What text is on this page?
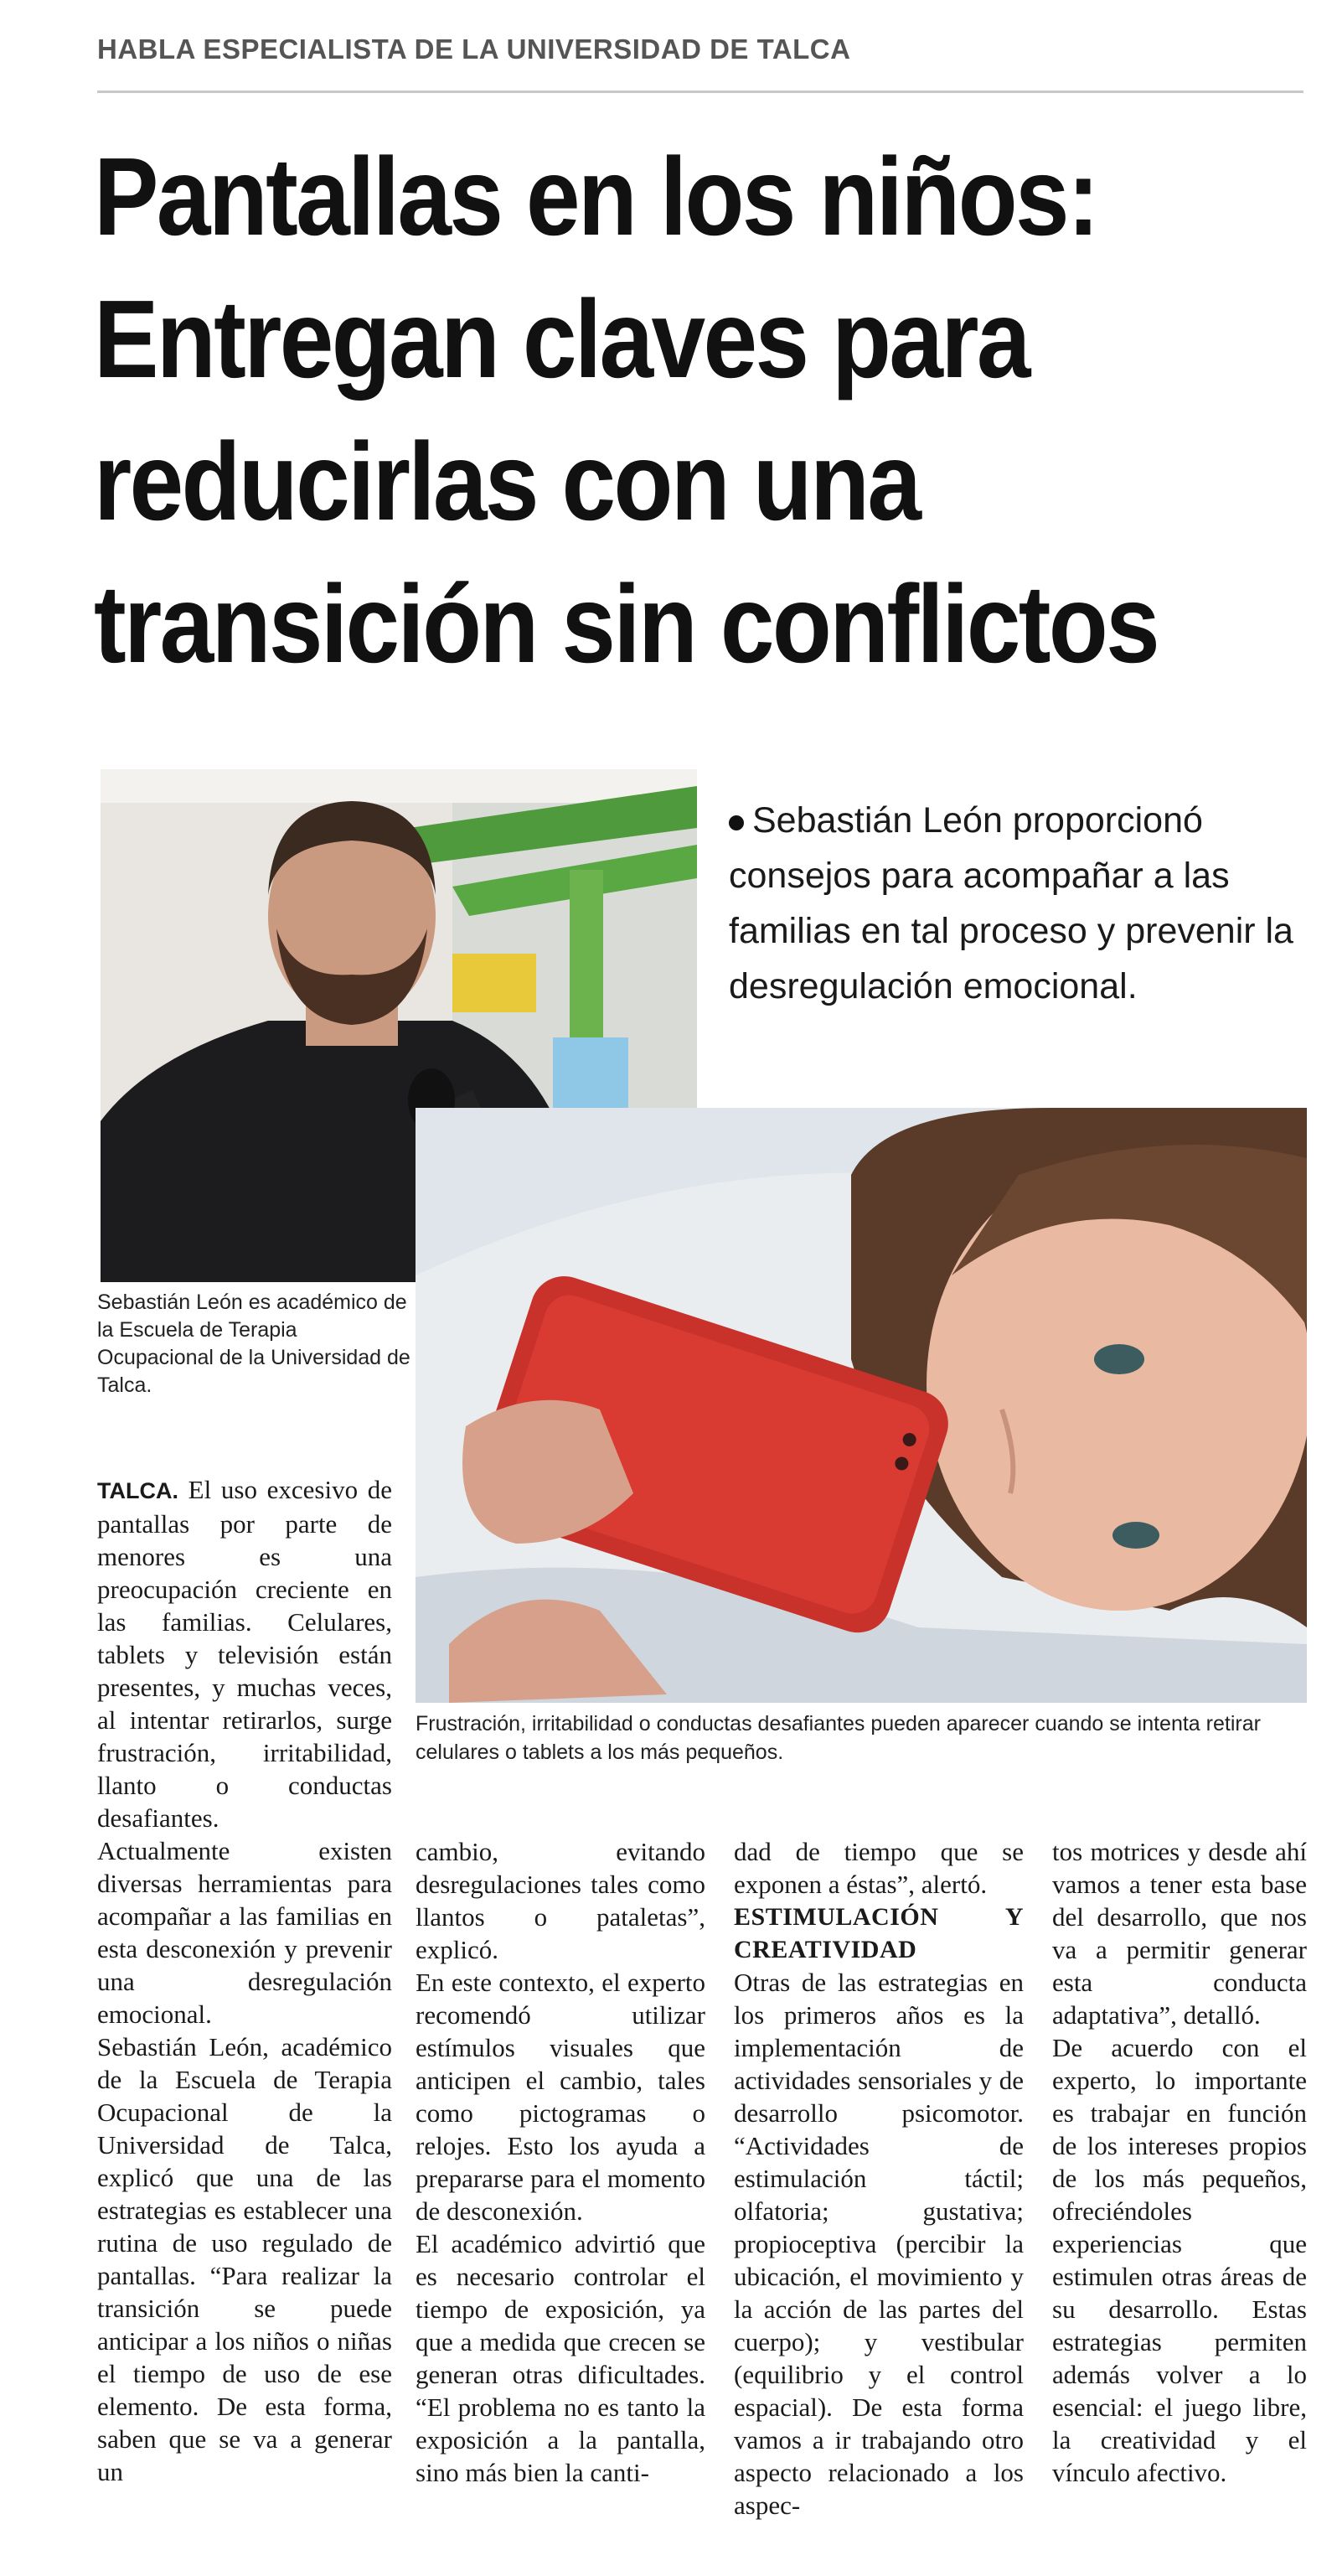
HABLA ESPECIALISTA DE LA UNIVERSIDAD DE TALCA
Pantallas en los niños:
Entregan claves para
reducirlas con una
transición sin conflictos
Sebastián León proporcionó consejos para acompañar a las familias en tal proceso y prevenir la desregulación emocional.
Sebastián León es académico de la Escuela de Terapia Ocupacional de la Universidad de Talca.
Frustración, irritabilidad o conductas desafiantes pueden aparecer cuando se intenta retirar celulares o tablets a los más pequeños.

TALCA. El uso excesivo de pantallas por parte de menores es una preocupación creciente en las familias. Celulares, tablets y televisión están presentes, y muchas veces, al intentar retirarlos, surge frustración, irritabilidad, llanto o conductas desafiantes.

Actualmente existen diversas herramientas para acompañar a las familias en esta desconexión y prevenir una desregulación emocional.

Sebastián León, académico de la Escuela de Terapia Ocupacional de la Universidad de Talca, explicó que una de las estrategias es establecer una rutina de uso regulado de pantallas. “Para realizar la transición se puede anticipar a los niños o niñas el tiempo de uso de ese elemento. De esta forma, saben que se va a generar un

cambio, evitando desregulaciones tales como llantos o pataletas”, explicó.

En este contexto, el experto recomendó utilizar estímulos visuales que anticipen el cambio, tales como pictogramas o relojes. Esto los ayuda a prepararse para el momento de desconexión.

El académico advirtió que es necesario controlar el tiempo de exposición, ya que a medida que crecen se generan otras dificultades. “El problema no es tanto la exposición a la pantalla, sino más bien la canti-

dad de tiempo que se exponen a éstas”, alertó.

ESTIMULACIÓN Y CREATIVIDAD

Otras de las estrategias en los primeros años es la implementación de actividades sensoriales y de desarrollo psicomotor. “Actividades de estimulación táctil; olfatoria; gustativa; propioceptiva (percibir la ubicación, el movimiento y la acción de las partes del cuerpo); y vestibular (equilibrio y el control espacial). De esta forma vamos a ir trabajando otro aspecto relacionado a los aspec-

tos motrices y desde ahí vamos a tener esta base del desarrollo, que nos va a permitir generar esta conducta adaptativa”, detalló.

De acuerdo con el experto, lo importante es trabajar en función de los intereses propios de los más pequeños, ofreciéndoles experiencias que estimulen otras áreas de su desarrollo. Estas estrategias permiten además volver a lo esencial: el juego libre, la creatividad y el vínculo afectivo.
